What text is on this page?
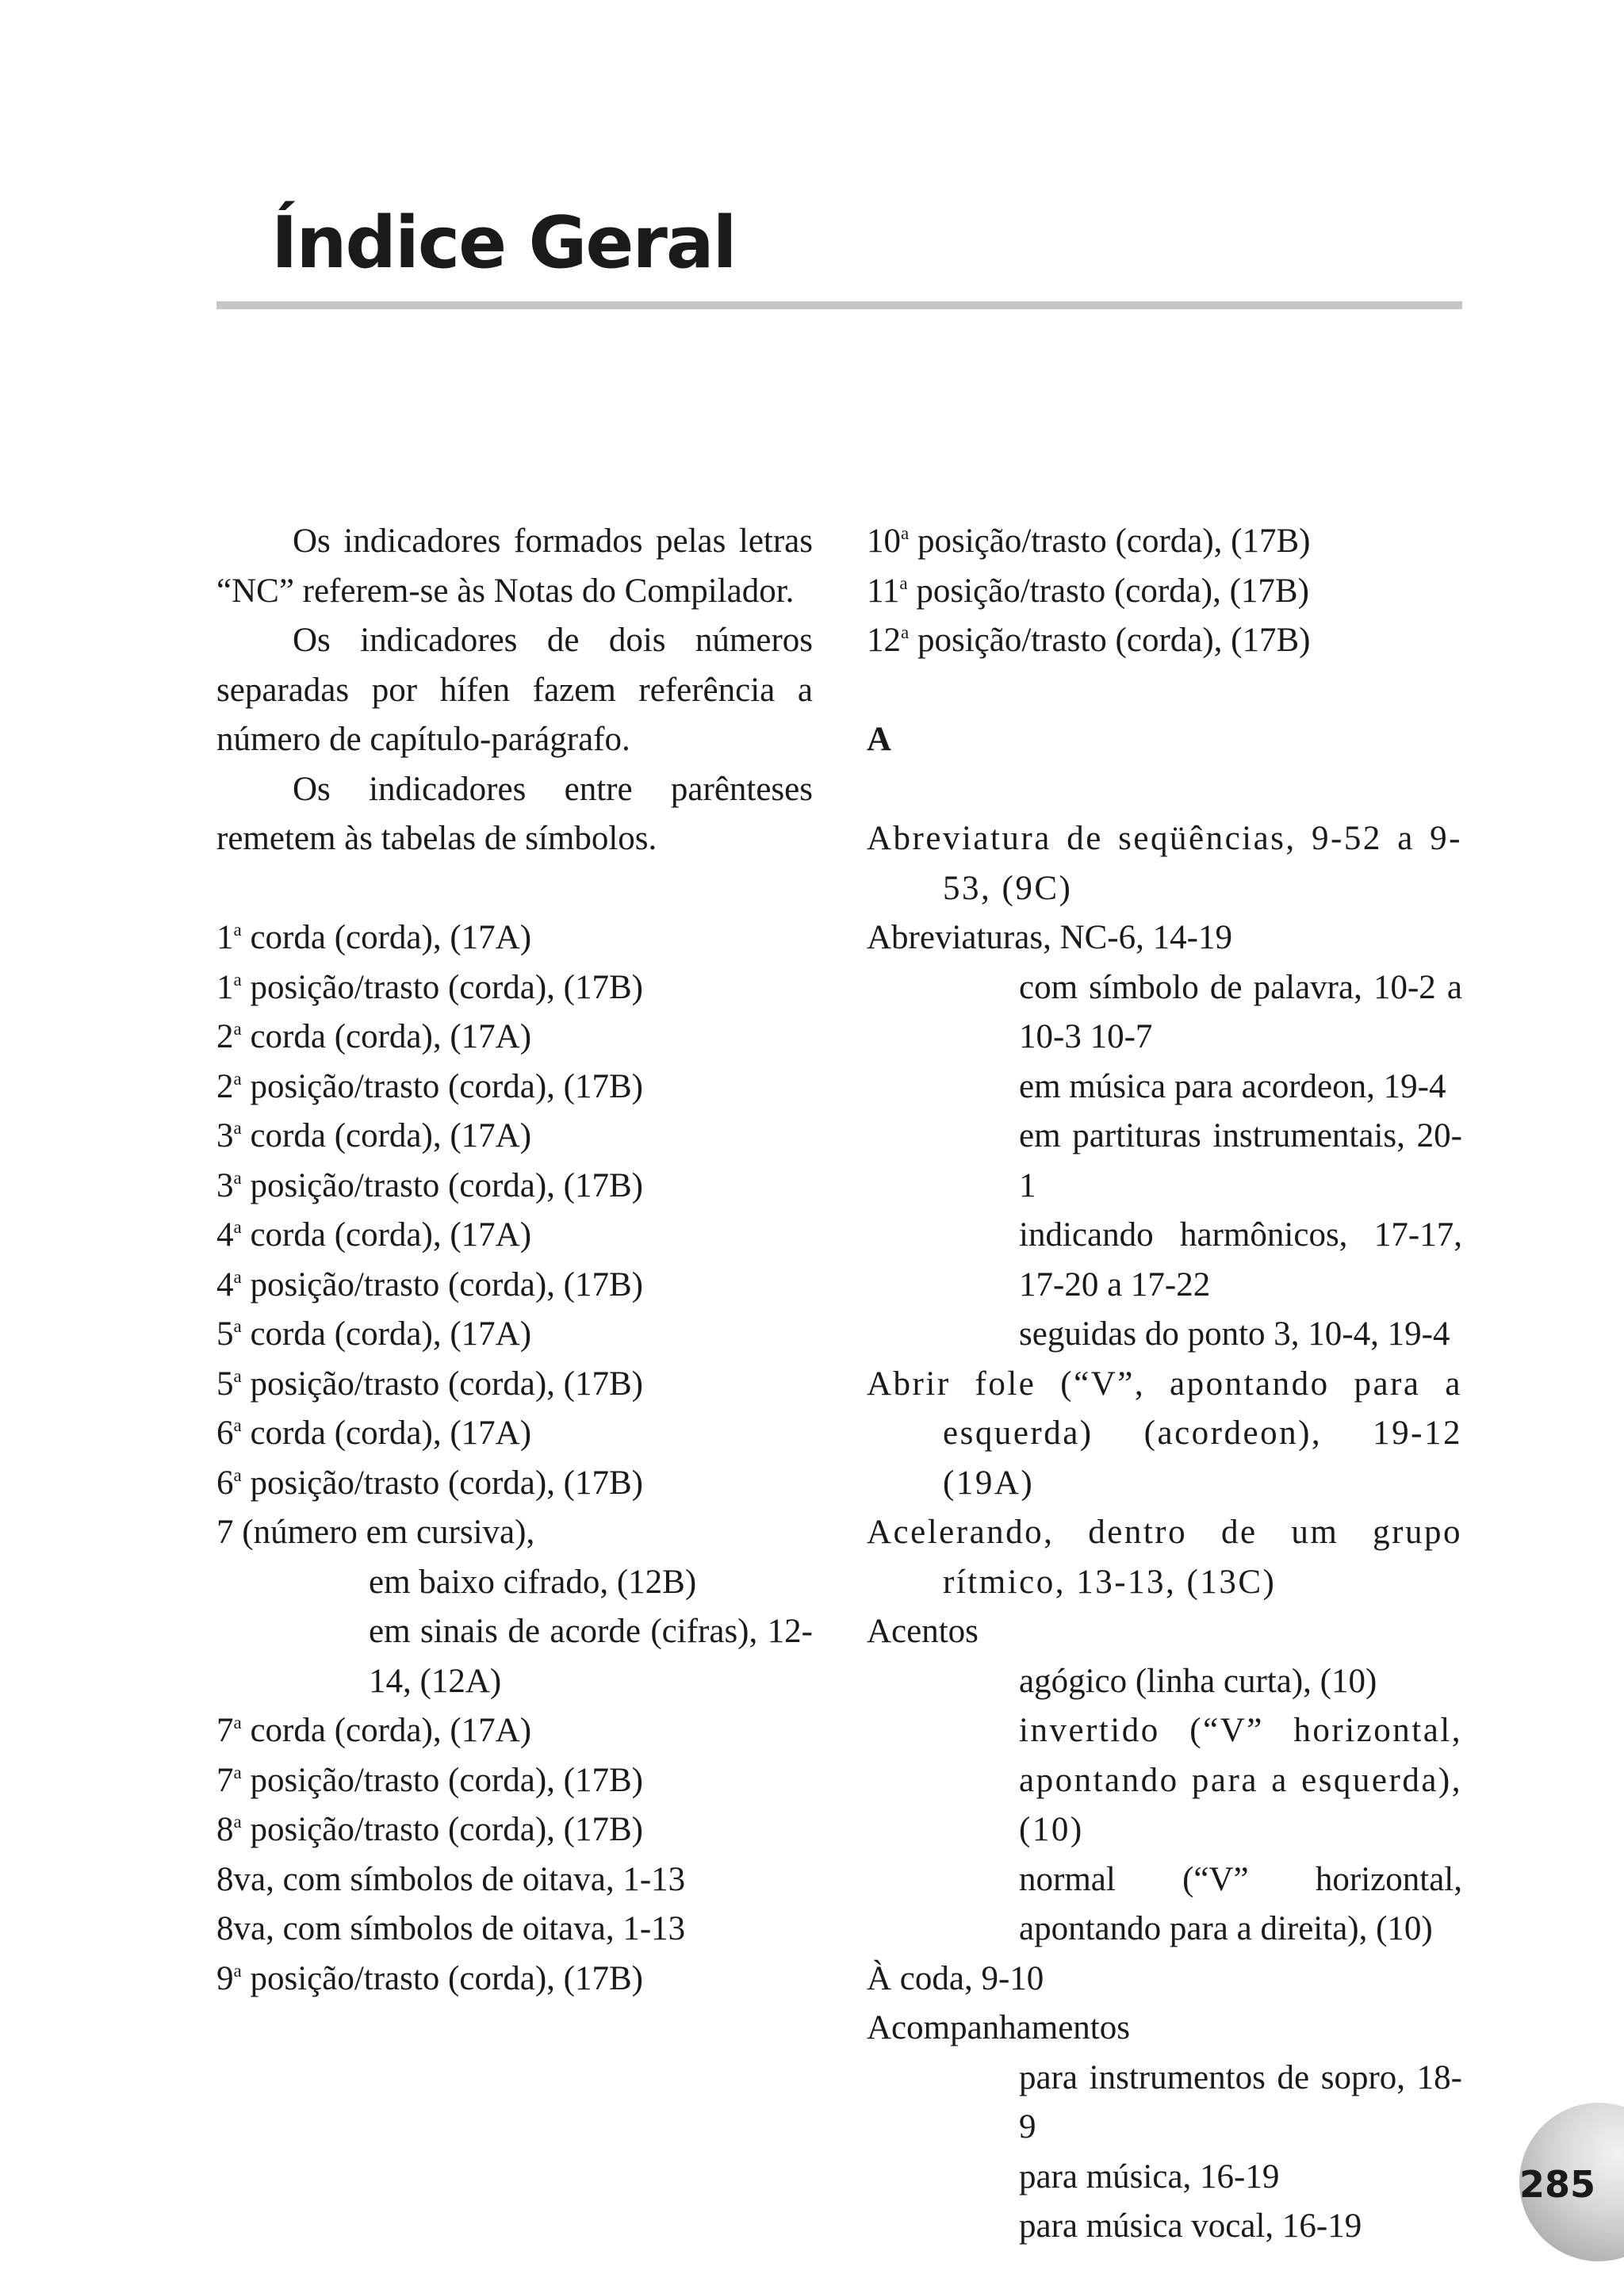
Índice Geral

Os indicadores formados pelas letras “NC” referem-se às Notas do Compilador.

Os indicadores de dois números separadas por hífen fazem referência a número de capítulo-parágrafo.

Os indicadores entre parênteses remetem às tabelas de símbolos.

1$^a$ corda (corda), (17A)
1$^a$ posição/trasto (corda), (17B)
2$^a$ corda (corda), (17A)
2$^a$ posição/trasto (corda), (17B)
3$^a$ corda (corda), (17A)
3$^a$ posição/trasto (corda), (17B)
4$^a$ corda (corda), (17A)
4$^a$ posição/trasto (corda), (17B)
5$^a$ corda (corda), (17A)
5$^a$ posição/trasto (corda), (17B)
6$^a$ corda (corda), (17A)
6$^a$ posição/trasto (corda), (17B)
7 (número em cursiva),
em baixo cifrado, (12B)
em sinais de acorde (cifras), 12-14, (12A)
7$^a$ corda (corda), (17A)
7$^a$ posição/trasto (corda), (17B)
8$^a$ posição/trasto (corda), (17B)
8va, com símbolos de oitava, 1-13
8va, com símbolos de oitava, 1-13
9$^a$ posição/trasto (corda), (17B)
10$^a$ posição/trasto (corda), (17B)
11$^a$ posição/trasto (corda), (17B)
12$^a$ posição/trasto (corda), (17B)
A
Abreviatura de seqüências, 9-52 a 9-53, (9C)
Abreviaturas, NC-6, 14-19
com símbolo de palavra, 10-2 a 10-3 10-7
em música para acordeon, 19-4
em partituras instrumentais, 20-1
indicando harmônicos, 17-17, 17-20 a 17-22
seguidas do ponto 3, 10-4, 19-4
Abrir fole (“V”, apontando para a esquerda) (acordeon), 19-12 (19A)
Acelerando, dentro de um grupo rítmico, 13-13, (13C)
Acentos
agógico (linha curta), (10)
invertido (“V” horizontal, apontando para a esquerda), (10)
normal (“V” horizontal, apontando para a direita), (10)
À coda, 9-10
Acompanhamentos
para instrumentos de sopro, 18-9
para música, 16-19
para música vocal, 16-19
285
